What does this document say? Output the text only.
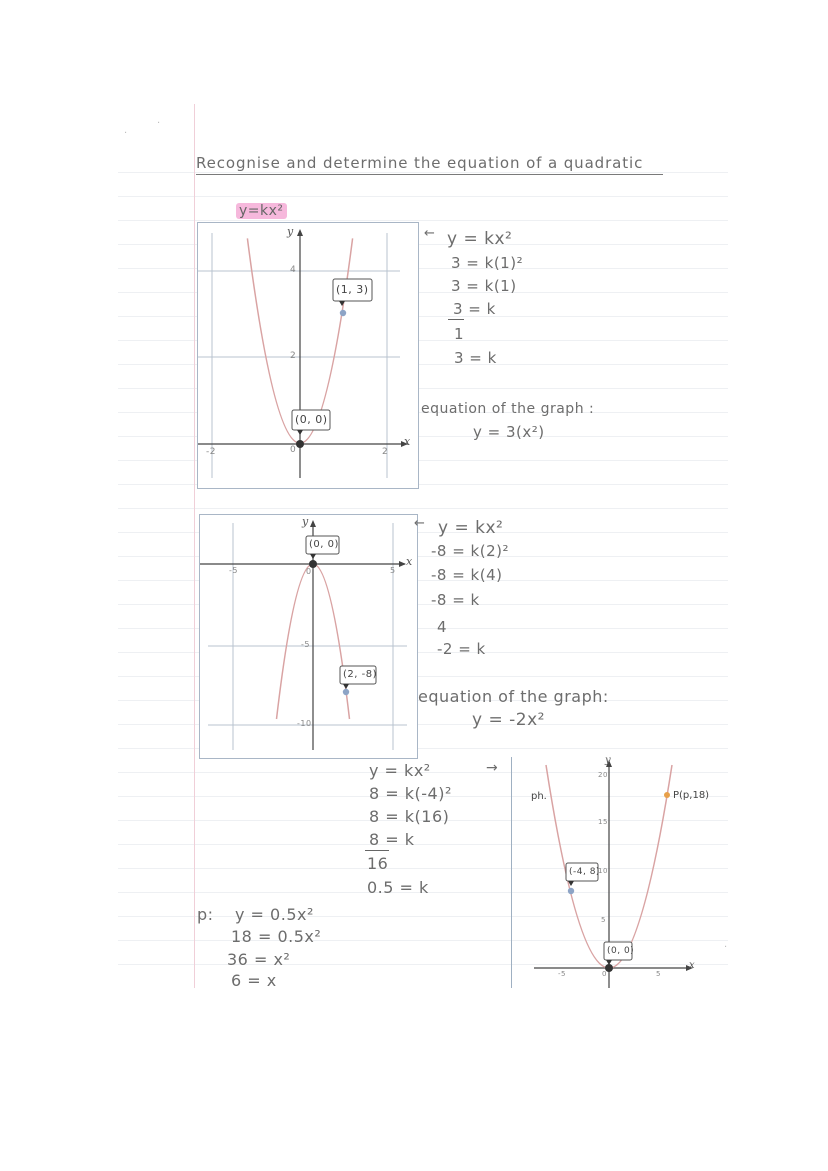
·
·
Recognise and determine the equation of a quadratic
y=kx²
(0, 0)
(1, 3)
-2	0	2
4
2
x
y	← y = kx²
3 = k(1)²
3 = k(1)
3 = k
1
3 = k
equation of the graph :
y = 3(x²)
(0, 0)
(2, -8)
-5	0	5
-5
-10
x
y	← y = kx²
-8 = k(2)²
-8 = k(4)
-8 = k
4
-2 = k
equation of the graph:
y = -2x²
y = kx²	→
8 = k(-4)²
8 = k(16)
8 = k
16
0.5 = k
p: y = 0.5x²
18 = 0.5x²
36 = x²
6 = x
(-4, 8)
(0, 0)
P(p,18)
ph.
-5	0	5
20
15
10
5
x
y
·
